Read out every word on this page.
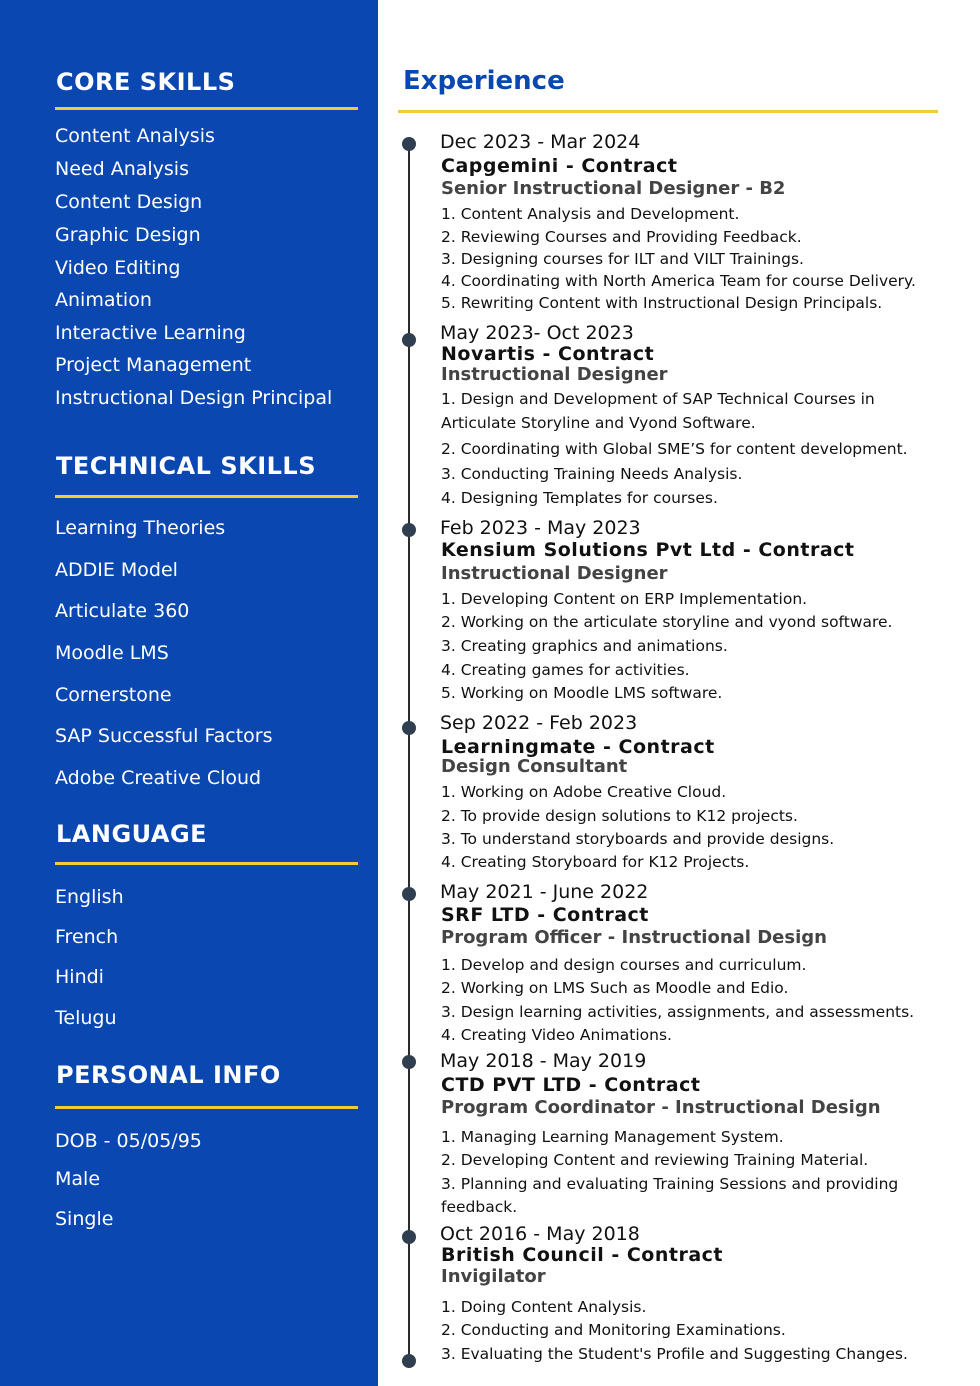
CORE SKILLS
Content Analysis
Need Analysis
Content Design
Graphic Design
Video Editing
Animation
Interactive Learning
Project Management
Instructional Design Principal
TECHNICAL SKILLS
Learning Theories
ADDIE Model
Articulate 360
Moodle LMS
Cornerstone
SAP Successful Factors
Adobe Creative Cloud
LANGUAGE
English
French
Hindi
Telugu
PERSONAL INFO
DOB - 05/05/95
Male
Single
Experience
Dec 2023 - Mar 2024
Capgemini - Contract
Senior Instructional Designer - B2
1. Content Analysis and Development.
2. Reviewing Courses and Providing Feedback.
3. Designing courses for ILT and VILT Trainings.
4. Coordinating with North America Team for course Delivery.
5. Rewriting Content with Instructional Design Principals.
May 2023- Oct 2023
Novartis - Contract
Instructional Designer
1. Design and Development of SAP Technical Courses in
Articulate Storyline and Vyond Software.
2. Coordinating with Global SME’S for content development.
3. Conducting Training Needs Analysis.
4. Designing Templates for courses.
Feb 2023 - May 2023
Kensium Solutions Pvt Ltd - Contract
Instructional Designer
1. Developing Content on ERP Implementation.
2. Working on the articulate storyline and vyond software.
3. Creating graphics and animations.
4. Creating games for activities.
5. Working on Moodle LMS software.
Sep 2022 - Feb 2023
Learningmate - Contract
Design Consultant
1. Working on Adobe Creative Cloud.
2. To provide design solutions to K12 projects.
3. To understand storyboards and provide designs.
4. Creating Storyboard for K12 Projects.
May 2021 - June 2022
SRF LTD - Contract
Program Officer - Instructional Design
1. Develop and design courses and curriculum.
2. Working on LMS Such as Moodle and Edio.
3. Design learning activities, assignments, and assessments.
4. Creating Video Animations.
May 2018 - May 2019
CTD PVT LTD - Contract
Program Coordinator - Instructional Design
1. Managing Learning Management System.
2. Developing Content and reviewing Training Material.
3. Planning and evaluating Training Sessions and providing
feedback.
Oct 2016 - May 2018
British Council - Contract
Invigilator
1. Doing Content Analysis.
2. Conducting and Monitoring Examinations.
3. Evaluating the Student's Profile and Suggesting Changes.
